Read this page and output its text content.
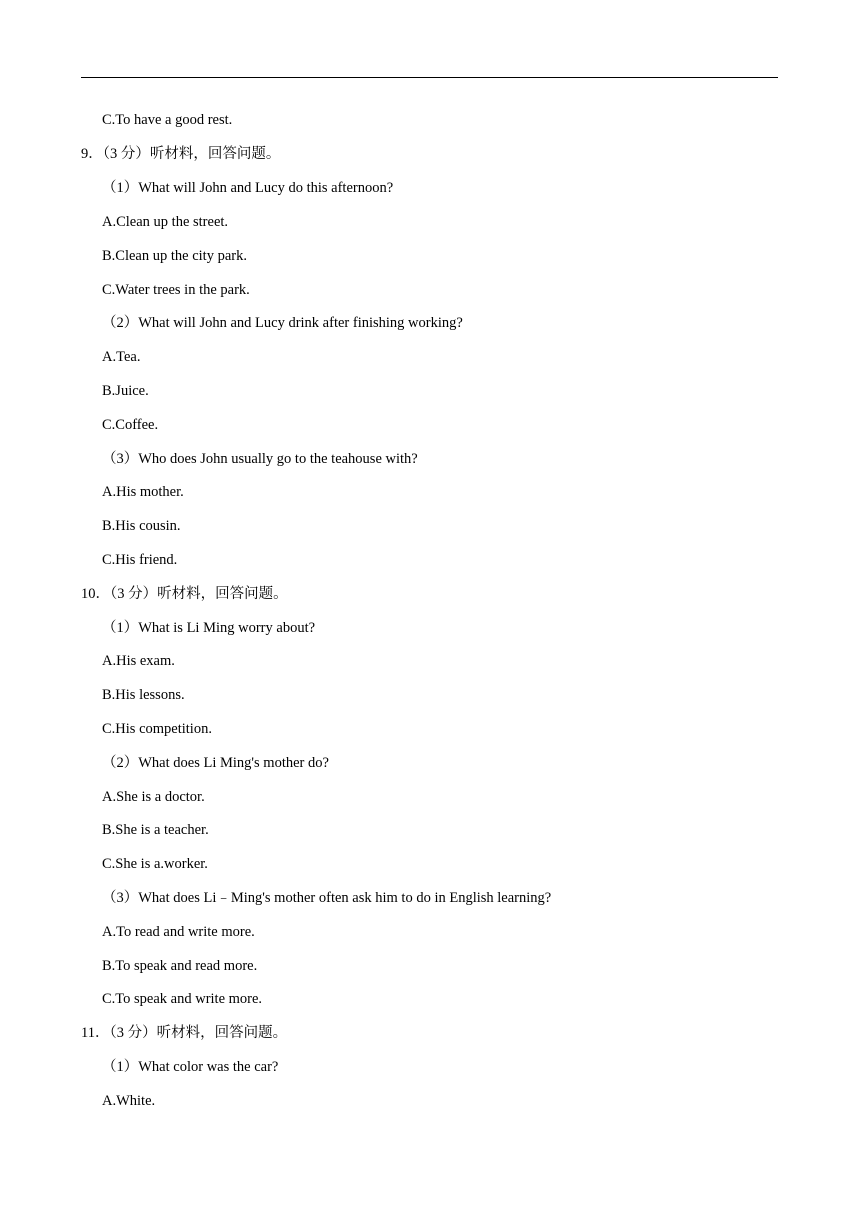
C.To have a good rest.
9．（3 分）听材料，回答问题。
（1）What will John and Lucy do this afternoon?
A.Clean up the street.
B.Clean up the city park.
C.Water trees in the park.
（2）What will John and Lucy drink after finishing working?
A.Tea.
B.Juice.
C.Coffee.
（3）Who does John usually go to the teahouse with?
A.His mother.
B.His cousin.
C.His friend.
10．（3 分）听材料，回答问题。
（1）What is Li Ming worry about?
A.His exam.
B.His lessons.
C.His competition.
（2）What does Li Ming's mother do?
A.She is a doctor.
B.She is a teacher.
C.She is a.worker.
（3）What does Li﹣Ming's mother often ask him to do in English learning?
A.To read and write more.
B.To speak and read more.
C.To speak and write more.
11．（3 分）听材料，回答问题。
（1）What color was the car?
A.White.
